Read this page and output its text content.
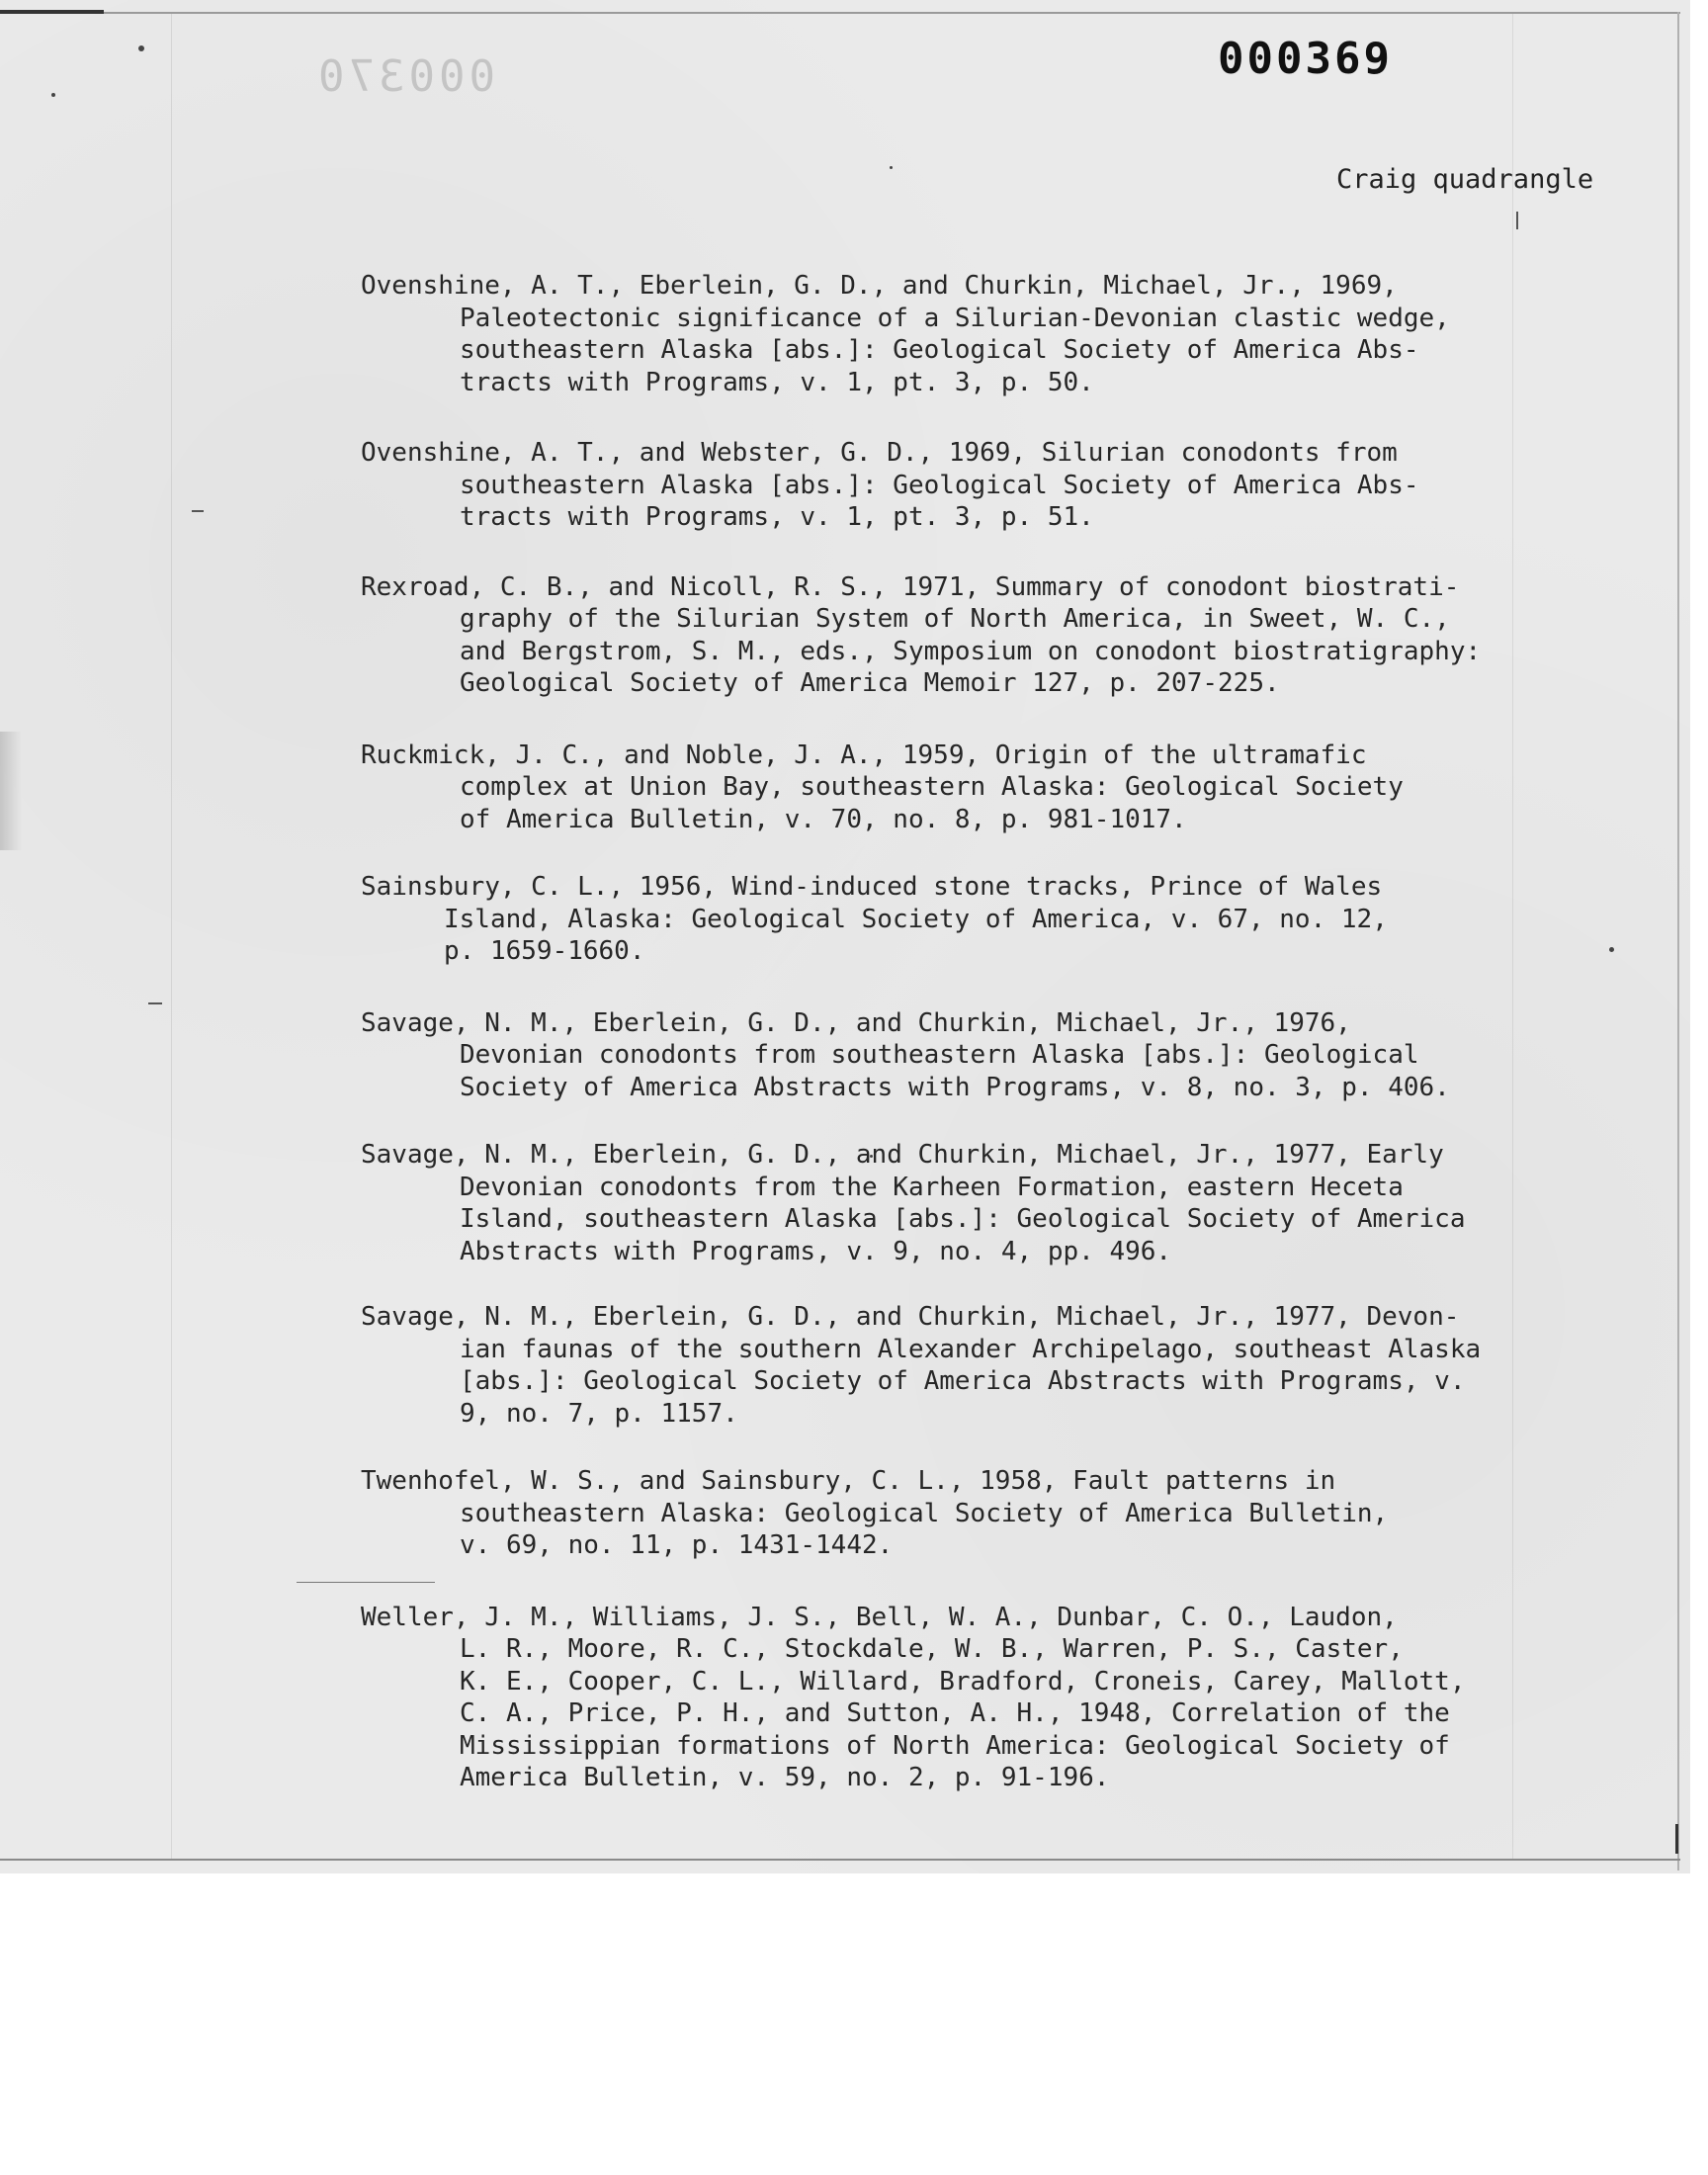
000370	000369
Craig quadrangle

Ovenshine, A. T., Eberlein, G. D., and Churkin, Michael, Jr., 1969,
Paleotectonic significance of a Silurian-Devonian clastic wedge,
southeastern Alaska [abs.]: Geological Society of America Abs-
tracts with Programs, v. 1, pt. 3, p. 50.

Ovenshine, A. T., and Webster, G. D., 1969, Silurian conodonts from
southeastern Alaska [abs.]: Geological Society of America Abs-
tracts with Programs, v. 1, pt. 3, p. 51.

Rexroad, C. B., and Nicoll, R. S., 1971, Summary of conodont biostrati-
graphy of the Silurian System of North America, in Sweet, W. C.,
and Bergstrom, S. M., eds., Symposium on conodont biostratigraphy:
Geological Society of America Memoir 127, p. 207-225.

Ruckmick, J. C., and Noble, J. A., 1959, Origin of the ultramafic
complex at Union Bay, southeastern Alaska: Geological Society
of America Bulletin, v. 70, no. 8, p. 981-1017.

Sainsbury, C. L., 1956, Wind-induced stone tracks, Prince of Wales
Island, Alaska: Geological Society of America, v. 67, no. 12,
p. 1659-1660.

Savage, N. M., Eberlein, G. D., and Churkin, Michael, Jr., 1976,
Devonian conodonts from southeastern Alaska [abs.]: Geological
Society of America Abstracts with Programs, v. 8, no. 3, p. 406.

Savage, N. M., Eberlein, G. D., and Churkin, Michael, Jr., 1977, Early
Devonian conodonts from the Karheen Formation, eastern Heceta
Island, southeastern Alaska [abs.]: Geological Society of America
Abstracts with Programs, v. 9, no. 4, pp. 496.

Savage, N. M., Eberlein, G. D., and Churkin, Michael, Jr., 1977, Devon-
ian faunas of the southern Alexander Archipelago, southeast Alaska
[abs.]: Geological Society of America Abstracts with Programs, v.
9, no. 7, p. 1157.

Twenhofel, W. S., and Sainsbury, C. L., 1958, Fault patterns in
southeastern Alaska: Geological Society of America Bulletin,
v. 69, no. 11, p. 1431-1442.

Weller, J. M., Williams, J. S., Bell, W. A., Dunbar, C. O., Laudon,
L. R., Moore, R. C., Stockdale, W. B., Warren, P. S., Caster,
K. E., Cooper, C. L., Willard, Bradford, Croneis, Carey, Mallott,
C. A., Price, P. H., and Sutton, A. H., 1948, Correlation of the
Mississippian formations of North America: Geological Society of
America Bulletin, v. 59, no. 2, p. 91-196.
